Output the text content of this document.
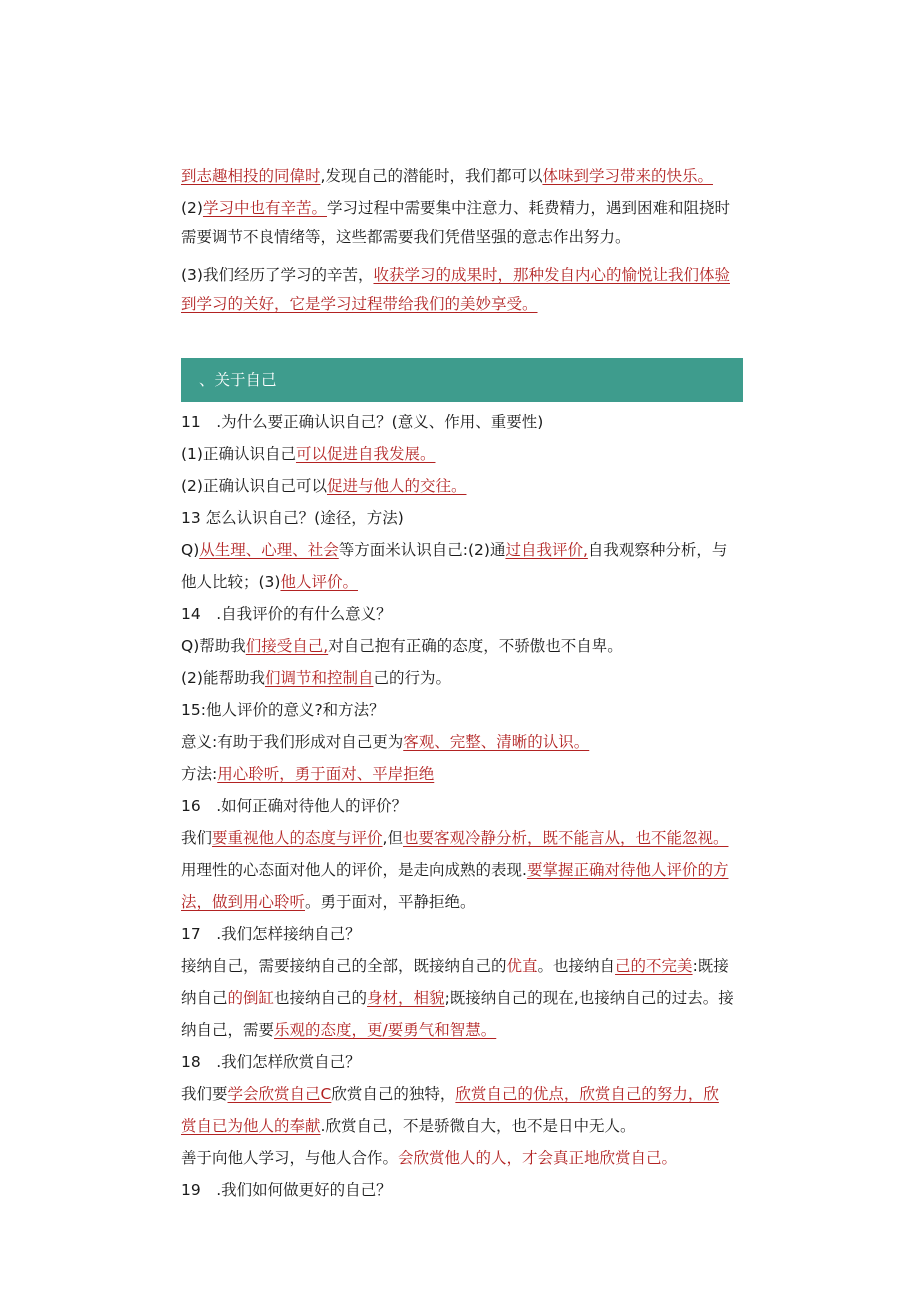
到志趣相投的同偉时,发现自己的潜能时，我们都可以体味到学习带来的快乐。
(2)学习中也有辛苦。学习过程中需要集中注意力、耗费精力，遇到困难和阻挠时
需要调节不良情绪等，这些都需要我们凭借坚强的意志作出努力。
(3)我们经历了学习的辛苦，收获学习的成果时，那种发自内心的愉悦让我们体验
到学习的关好，它是学习过程带给我们的美妙享受。
、关于自己
11　.为什么要正确认识自己？(意义、作用、重要性)
(1)正确认识自己可以促进自我发展。
(2)正确认识自己可以促进与他人的交往。
13 怎么认识自己？(途径，方法)
Q)从生理、心理、社会等方面米认识自己:(2)通过自我评价,自我观察种分析，与
他人比较；(3)他人评价。
14　.自我评价的有什么意义？
Q)帮助我们接受自己,对自己抱有正确的态度，不骄傲也不自卑。
(2)能帮助我们调节和控制自己的行为。
15:他人评价的意义?和方法？
意义:有助于我们形成对自己更为客观、完整、清晰的认识。
方法:用心聆听，勇于面对、平岸拒绝
16　.如何正确对待他人的评价？
我们要重视他人的态度与评价,但也要客观冷静分析，既不能言从，也不能忽视。
用理性的心态面对他人的评价，是走向成熟的表现.要掌握正确对待他人评价的方
法，做到用心聆听。勇于面对，平静拒绝。
17　.我们怎样接纳自己？
接纳自己，需要接纳自己的全部，既接纳自己的优直。也接纳自己的不完美:既接
纳自己的倒缸也接纳自己的身材，相貌;既接纳自己的现在,也接纳自己的过去。接
纳自己，需要乐观的态度，更/要勇气和智慧。
18　.我们怎样欣赏自己？
我们要学会欣赏自己C欣赏自己的独特，欣赏自己的优点，欣赏自己的努力，欣
赏自已为他人的奉献.欣赏自己，不是骄微自大，也不是日中无人。
善于向他人学习，与他人合作。会欣赏他人的人，才会真正地欣赏自己。
19　.我们如何做更好的自己？
